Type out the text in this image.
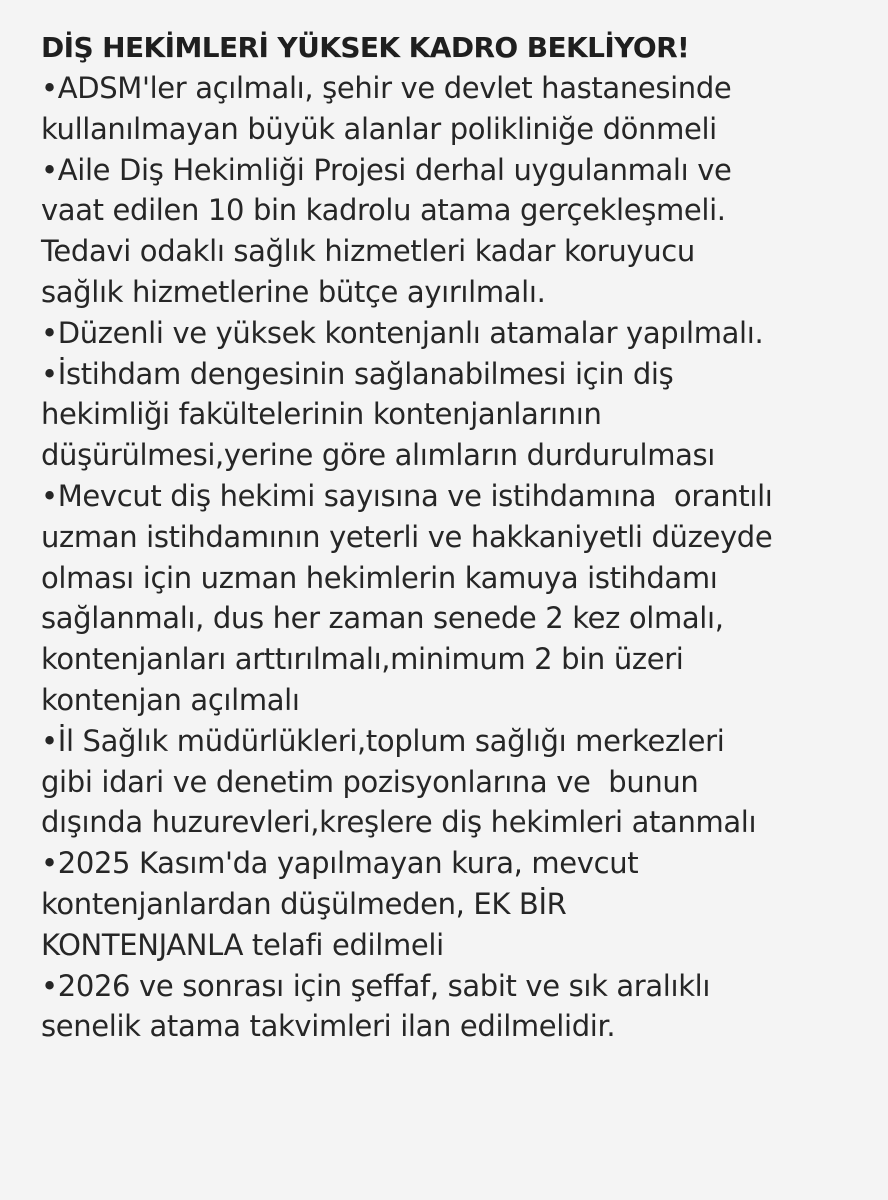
DİŞ HEKİMLERİ YÜKSEK KADRO BEKLİYOR!
•ADSM'ler açılmalı, şehir ve devlet hastanesinde
kullanılmayan büyük alanlar polikliniğe dönmeli
•Aile Diş Hekimliği Projesi derhal uygulanmalı ve
vaat edilen 10 bin kadrolu atama gerçekleşmeli.
Tedavi odaklı sağlık hizmetleri kadar koruyucu
sağlık hizmetlerine bütçe ayırılmalı.
•Düzenli ve yüksek kontenjanlı atamalar yapılmalı.
•İstihdam dengesinin sağlanabilmesi için diş
hekimliği fakültelerinin kontenjanlarının
düşürülmesi,yerine göre alımların durdurulması
•Mevcut diş hekimi sayısına ve istihdamına  orantılı
uzman istihdamının yeterli ve hakkaniyetli düzeyde
olması için uzman hekimlerin kamuya istihdamı
sağlanmalı, dus her zaman senede 2 kez olmalı,
kontenjanları arttırılmalı,minimum 2 bin üzeri
kontenjan açılmalı
•İl Sağlık müdürlükleri,toplum sağlığı merkezleri
gibi idari ve denetim pozisyonlarına ve  bunun
dışında huzurevleri,kreşlere diş hekimleri atanmalı
•2025 Kasım'da yapılmayan kura, mevcut
kontenjanlardan düşülmeden, EK BİR
KONTENJANLA telafi edilmeli
•2026 ve sonrası için şeffaf, sabit ve sık aralıklı
senelik atama takvimleri ilan edilmelidir.
